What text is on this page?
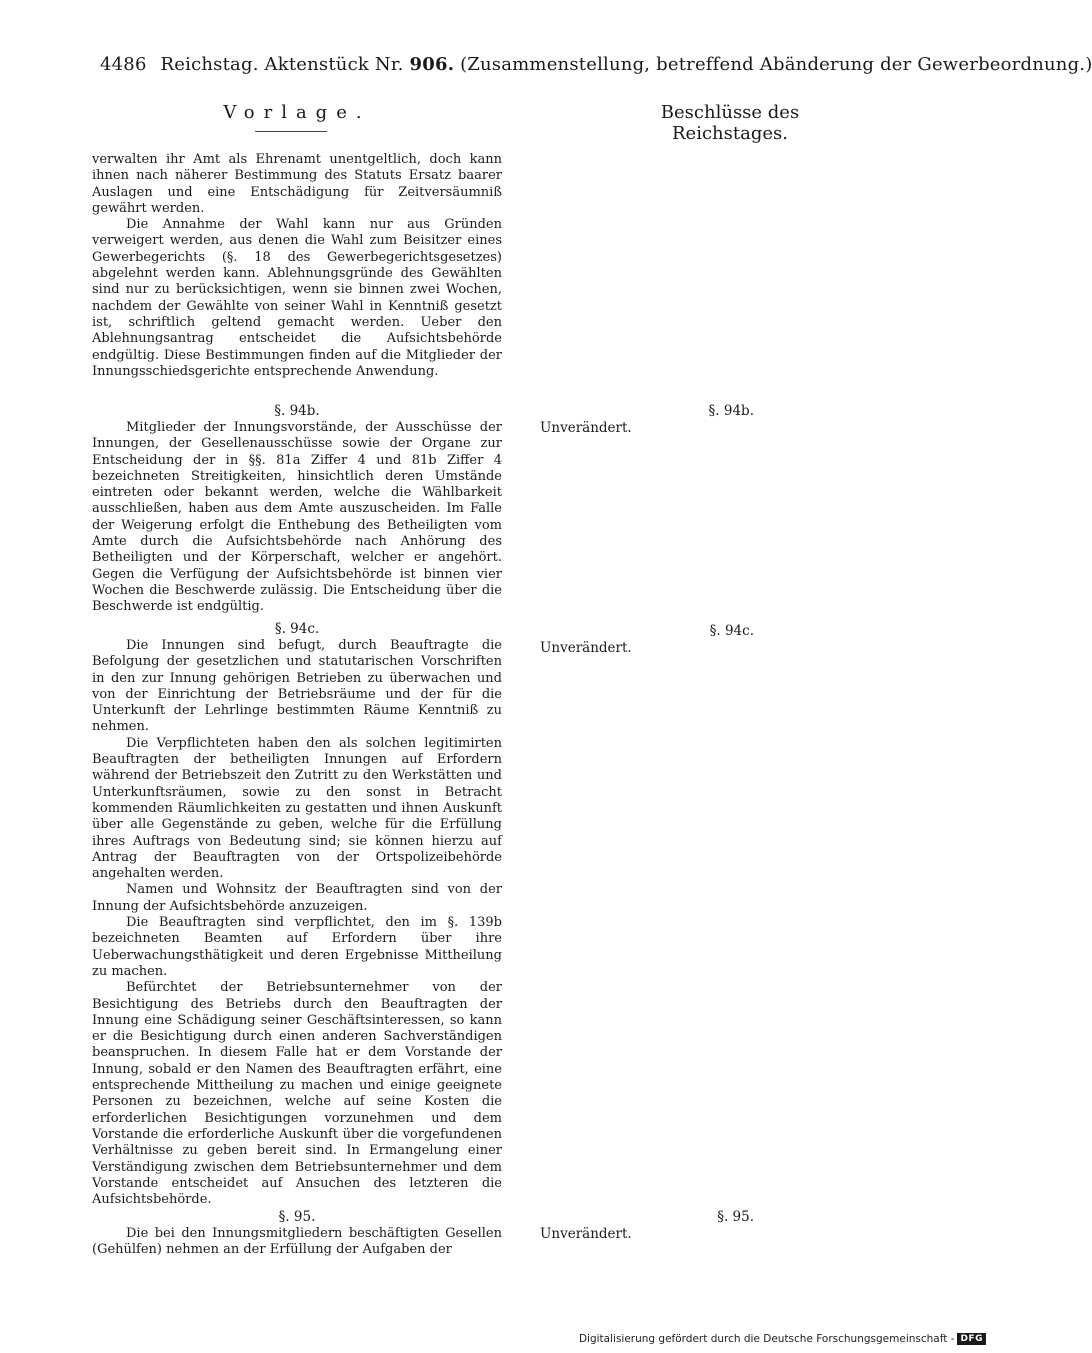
4486 Reichstag. Aktenstück Nr. 906. (Zusammenstellung, betreffend Abänderung der Gewerbeordnung.)
Vorlage.	Beschlüsse des Reichstages.

verwalten ihr Amt als Ehrenamt unentgeltlich, doch kann ihnen nach näherer Bestimmung des Statuts Ersatz baarer Auslagen und eine Entschädigung für Zeitversäumniß gewährt werden.

Die Annahme der Wahl kann nur aus Gründen verweigert werden, aus denen die Wahl zum Beisitzer eines Gewerbegerichts (§. 18 des Gewerbegerichtsgesetzes) abgelehnt werden kann. Ablehnungsgründe des Gewählten sind nur zu berücksichtigen, wenn sie binnen zwei Wochen, nachdem der Gewählte von seiner Wahl in Kenntniß gesetzt ist, schriftlich geltend gemacht werden. Ueber den Ablehnungsantrag entscheidet die Aufsichtsbehörde endgültig. Diese Bestimmungen finden auf die Mitglieder der Innungsschiedsgerichte entsprechende Anwendung.

§. 94b.

Mitglieder der Innungsvorstände, der Ausschüsse der Innungen, der Gesellenausschüsse sowie der Organe zur Entscheidung der in §§. 81a Ziffer 4 und 81b Ziffer 4 bezeichneten Streitigkeiten, hinsichtlich deren Umstände eintreten oder bekannt werden, welche die Wählbarkeit ausschließen, haben aus dem Amte auszuscheiden. Im Falle der Weigerung erfolgt die Enthebung des Betheiligten vom Amte durch die Aufsichtsbehörde nach Anhörung des Betheiligten und der Körperschaft, welcher er angehört. Gegen die Verfügung der Aufsichtsbehörde ist binnen vier Wochen die Beschwerde zulässig. Die Entscheidung über die Beschwerde ist endgültig.

§. 94c.

Die Innungen sind befugt, durch Beauftragte die Befolgung der gesetzlichen und statutarischen Vorschriften in den zur Innung gehörigen Betrieben zu überwachen und von der Einrichtung der Betriebsräume und der für die Unterkunft der Lehrlinge bestimmten Räume Kenntniß zu nehmen.

Die Verpflichteten haben den als solchen legitimirten Beauftragten der betheiligten Innungen auf Erfordern während der Betriebszeit den Zutritt zu den Werkstätten und Unterkunftsräumen, sowie zu den sonst in Betracht kommenden Räumlichkeiten zu gestatten und ihnen Auskunft über alle Gegenstände zu geben, welche für die Erfüllung ihres Auftrags von Bedeutung sind; sie können hierzu auf Antrag der Beauftragten von der Ortspolizeibehörde angehalten werden.

Namen und Wohnsitz der Beauftragten sind von der Innung der Aufsichtsbehörde anzuzeigen.

Die Beauftragten sind verpflichtet, den im §. 139b bezeichneten Beamten auf Erfordern über ihre Ueberwachungsthätigkeit und deren Ergebnisse Mittheilung zu machen.

Befürchtet der Betriebsunternehmer von der Besichtigung des Betriebs durch den Beauftragten der Innung eine Schädigung seiner Geschäftsinteressen, so kann er die Besichtigung durch einen anderen Sachverständigen beanspruchen. In diesem Falle hat er dem Vorstande der Innung, sobald er den Namen des Beauftragten erfährt, eine entsprechende Mittheilung zu machen und einige geeignete Personen zu bezeichnen, welche auf seine Kosten die erforderlichen Besichtigungen vorzunehmen und dem Vorstande die erforderliche Auskunft über die vorgefundenen Verhältnisse zu geben bereit sind. In Ermangelung einer Verständigung zwischen dem Betriebsunternehmer und dem Vorstande entscheidet auf Ansuchen des letzteren die Aufsichtsbehörde.

§. 95.

Die bei den Innungsmitgliedern beschäftigten Gesellen (Gehülfen) nehmen an der Erfüllung der Aufgaben der

§. 94b.
Unverändert.
§. 94c.
Unverändert.
§. 95.
Unverändert.
Digitalisierung gefördert durch die Deutsche Forschungsgemeinschaft - DFG
